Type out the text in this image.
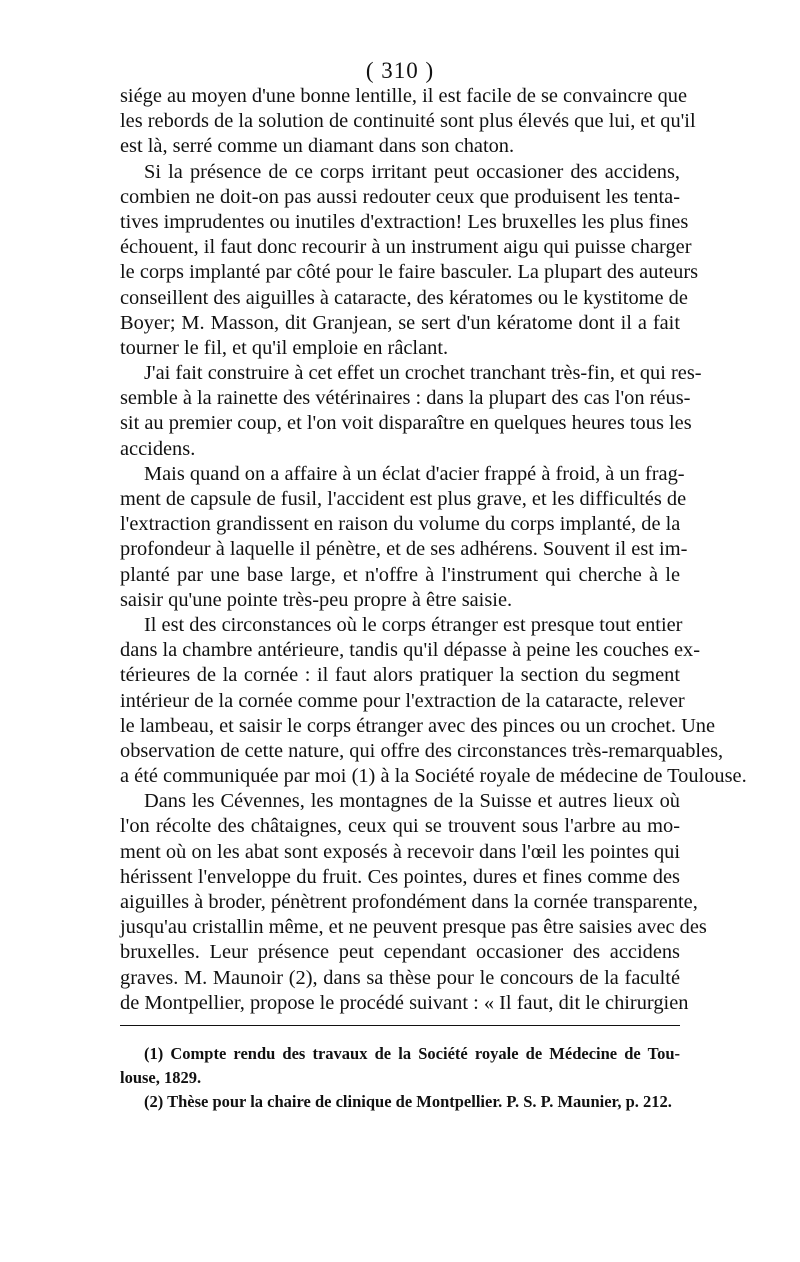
( 310 )
siége au moyen d'une bonne lentille, il est facile de se convaincre que
les rebords de la solution de continuité sont plus élevés que lui, et qu'il
est là, serré comme un diamant dans son chaton.
Si la présence de ce corps irritant peut occasioner des accidens,
combien ne doit-on pas aussi redouter ceux que produisent les tenta-
tives imprudentes ou inutiles d'extraction! Les bruxelles les plus fines
échouent, il faut donc recourir à un instrument aigu qui puisse charger
le corps implanté par côté pour le faire basculer. La plupart des auteurs
conseillent des aiguilles à cataracte, des kératomes ou le kystitome de
Boyer; M. Masson, dit Granjean, se sert d'un kératome dont il a fait
tourner le fil, et qu'il emploie en râclant.
J'ai fait construire à cet effet un crochet tranchant très-fin, et qui res-
semble à la rainette des vétérinaires : dans la plupart des cas l'on réus-
sit au premier coup, et l'on voit disparaître en quelques heures tous les
accidens.
Mais quand on a affaire à un éclat d'acier frappé à froid, à un frag-
ment de capsule de fusil, l'accident est plus grave, et les difficultés de
l'extraction grandissent en raison du volume du corps implanté, de la
profondeur à laquelle il pénètre, et de ses adhérens. Souvent il est im-
planté par une base large, et n'offre à l'instrument qui cherche à le
saisir qu'une pointe très-peu propre à être saisie.
Il est des circonstances où le corps étranger est presque tout entier
dans la chambre antérieure, tandis qu'il dépasse à peine les couches ex-
térieures de la cornée : il faut alors pratiquer la section du segment
intérieur de la cornée comme pour l'extraction de la cataracte, relever
le lambeau, et saisir le corps étranger avec des pinces ou un crochet. Une
observation de cette nature, qui offre des circonstances très-remarquables,
a été communiquée par moi (1) à la Société royale de médecine de Toulouse.
Dans les Cévennes, les montagnes de la Suisse et autres lieux où
l'on récolte des châtaignes, ceux qui se trouvent sous l'arbre au mo-
ment où on les abat sont exposés à recevoir dans l'œil les pointes qui
hérissent l'enveloppe du fruit. Ces pointes, dures et fines comme des
aiguilles à broder, pénètrent profondément dans la cornée transparente,
jusqu'au cristallin même, et ne peuvent presque pas être saisies avec des
bruxelles. Leur présence peut cependant occasioner des accidens
graves. M. Maunoir (2), dans sa thèse pour le concours de la faculté
de Montpellier, propose le procédé suivant : « Il faut, dit le chirurgien
(1) Compte rendu des travaux de la Société royale de Médecine de Tou-
louse, 1829.
(2) Thèse pour la chaire de clinique de Montpellier. P. S. P. Maunier, p. 212.
